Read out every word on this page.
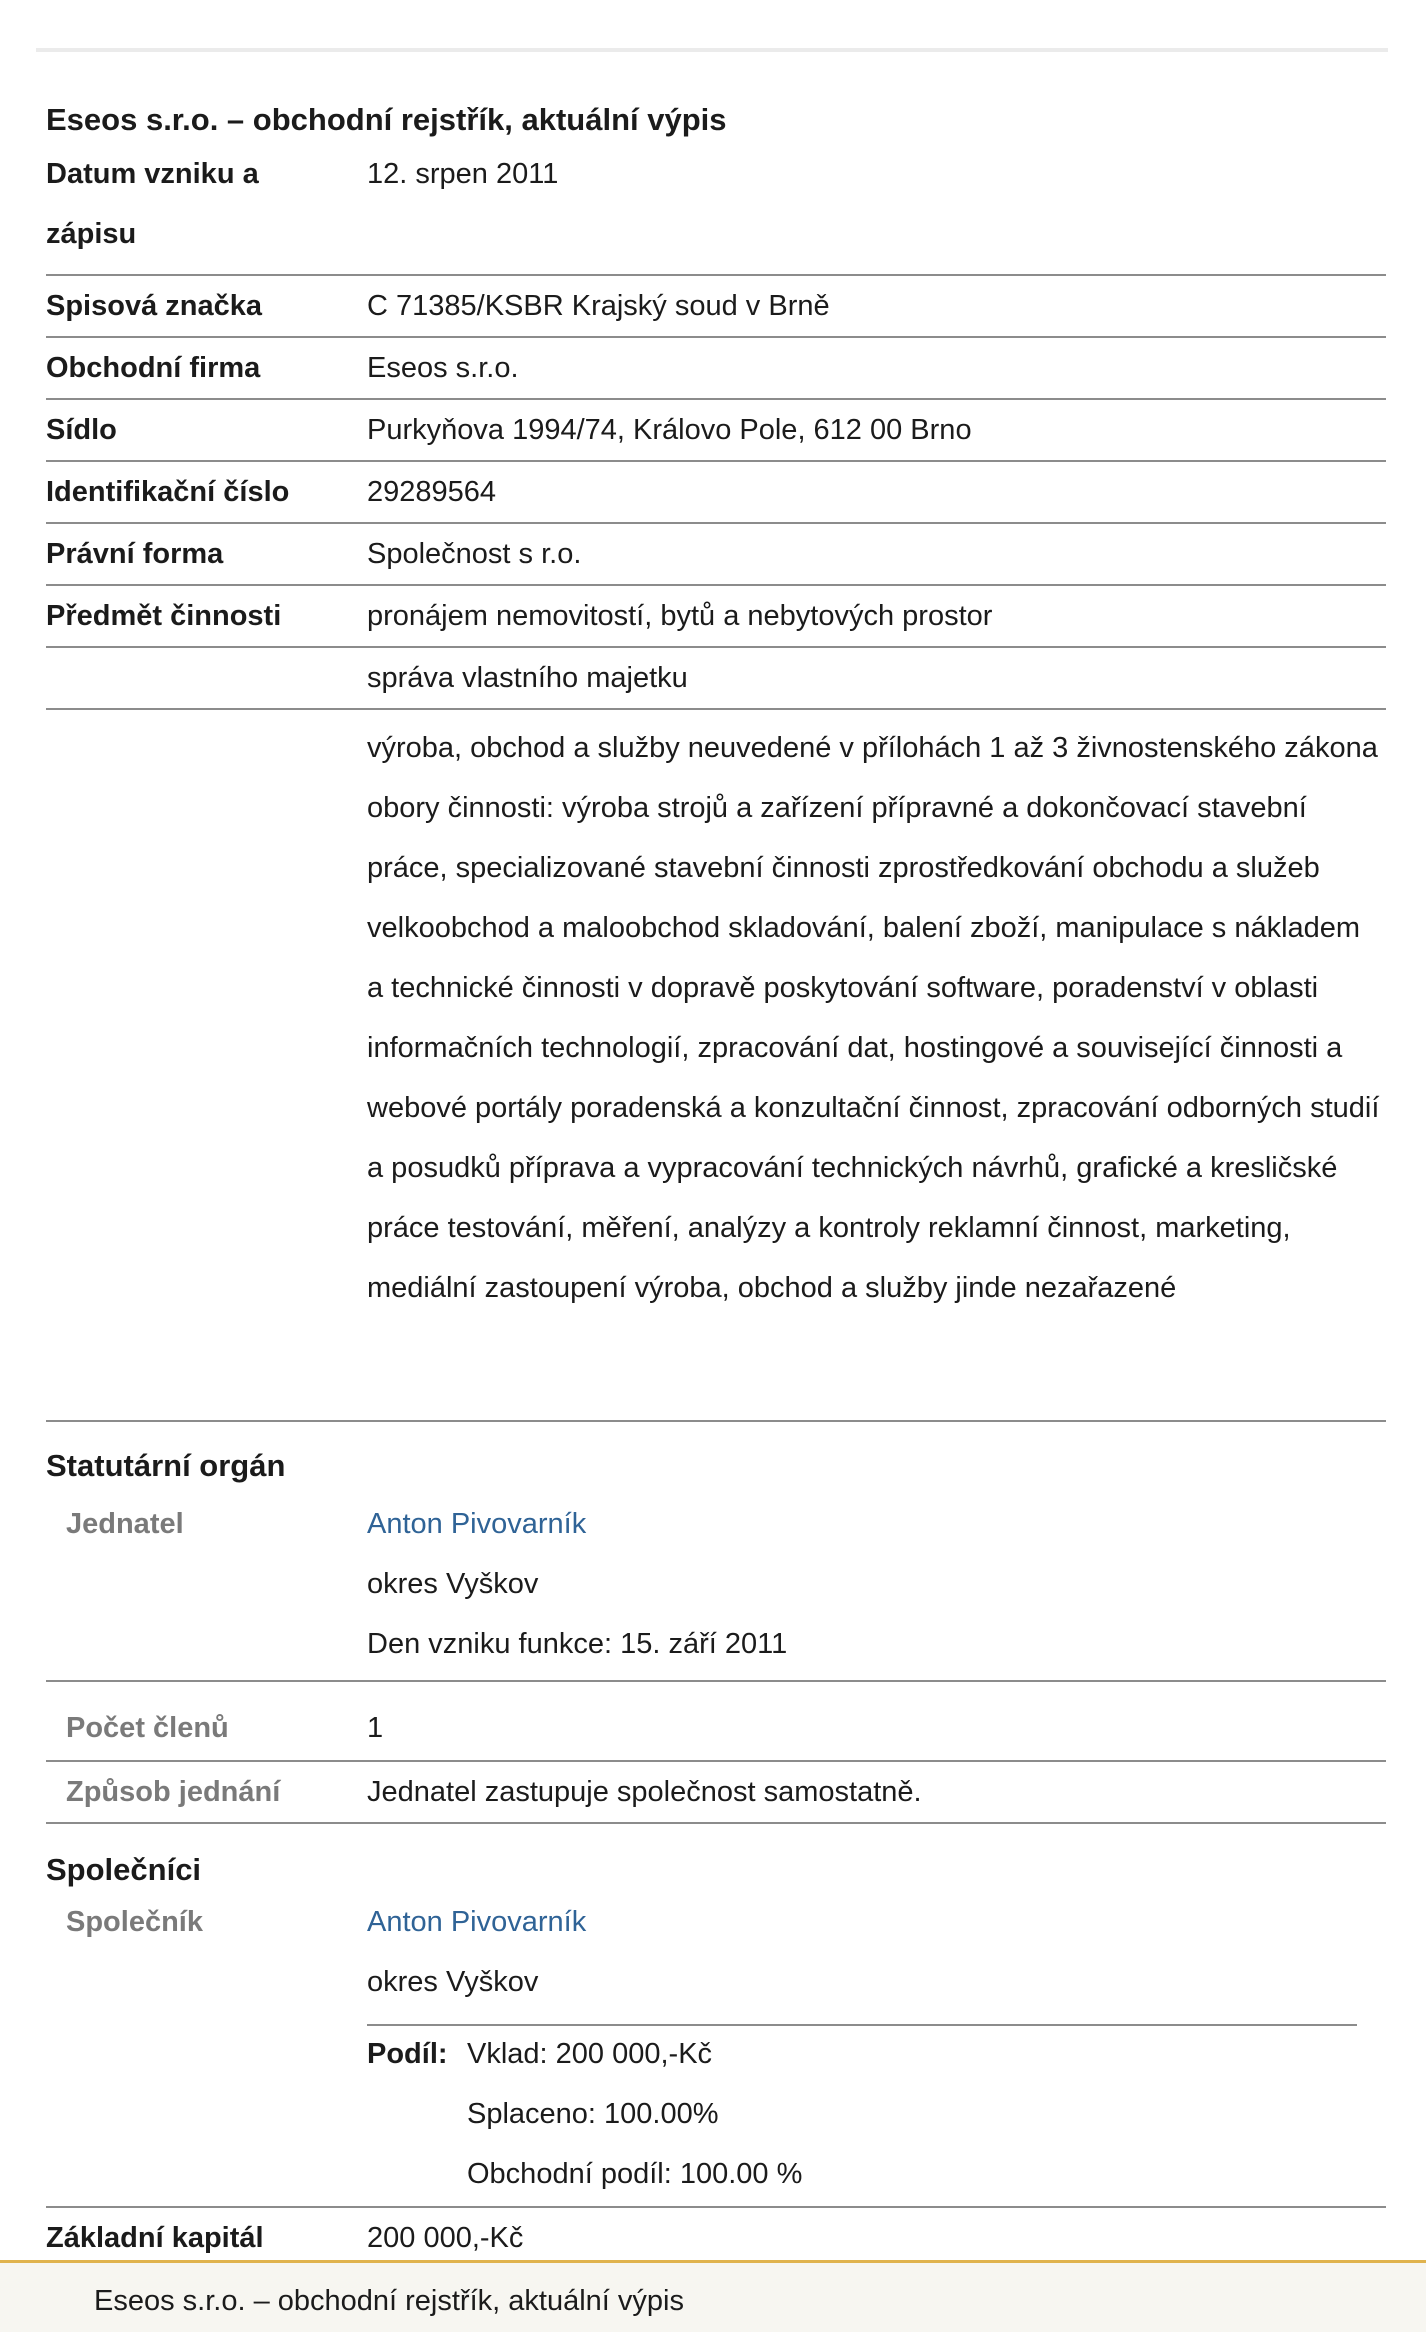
Eseos s.r.o. – obchodní rejstřík, aktuální výpis
Datum vzniku a zápisu
12. srpen 2011
Spisová značka	C 71385/KSBR Krajský soud v Brně
Obchodní firma	Eseos s.r.o.
Sídlo	Purkyňova 1994/74, Královo Pole, 612 00 Brno
Identifikační číslo	29289564
Právní forma	Společnost s r.o.
Předmět činnosti	pronájem nemovitostí, bytů a nebytových prostor
správa vlastního majetku
výroba, obchod a služby neuvedené v přílohách 1 až 3 živnostenského zákona obory činnosti: výroba strojů a zařízení přípravné a dokončovací stavební práce, specializované stavební činnosti zprostředkování obchodu a služeb velkoobchod a maloobchod skladování, balení zboží, manipulace s nákladem a technické činnosti v dopravě poskytování software, poradenství v oblasti informačních technologií, zpracování dat, hostingové a související činnosti a webové portály poradenská a konzultační činnost, zpracování odborných studií a posudků příprava a vypracování technických návrhů, grafické a kresličské práce testování, měření, analýzy a kontroly reklamní činnost, marketing, mediální zastoupení výroba, obchod a služby jinde nezařazené
Statutární orgán
Jednatel	Anton Pivovarník
okres Vyškov
Den vzniku funkce: 15. září 2011
Počet členů	1
Způsob jednání	Jednatel zastupuje společnost samostatně.
Společníci
Společník	Anton Pivovarník
okres Vyškov
Podíl: Vklad: 200 000,-Kč
Splaceno: 100.00%
Obchodní podíl: 100.00 %
Základní kapitál	200 000,-Kč
Eseos s.r.o. – obchodní rejstřík, aktuální výpis
